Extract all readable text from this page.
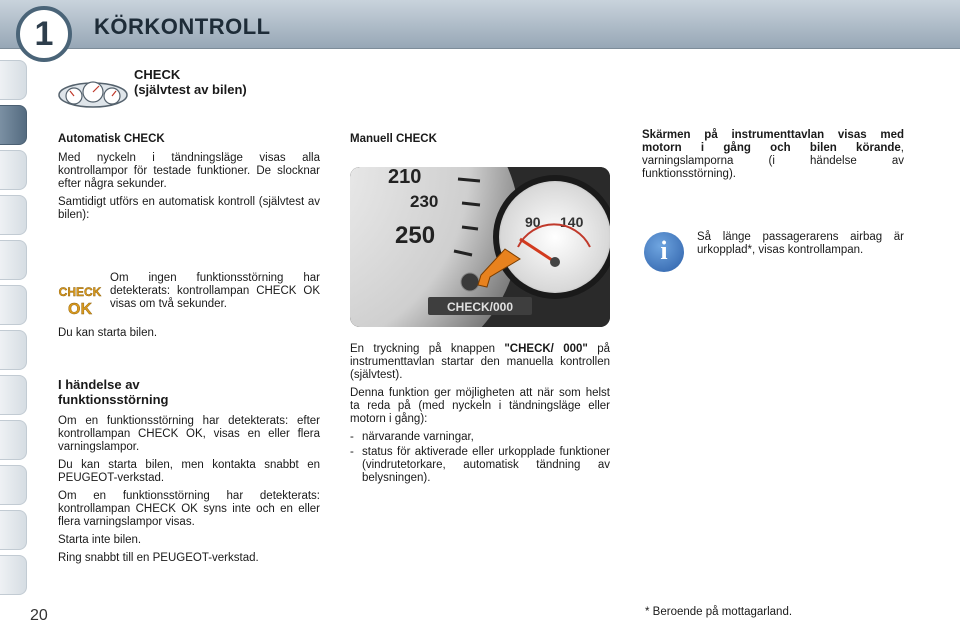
KÖRKONTROLL
1
CHECK
(självtest av bilen)
Automatisk CHECK

Med nyckeln i tändningsläge visas alla kontrollampor för testade funktioner. De slocknar efter några sekunder.

Samtidigt utförs en automatisk kontroll (självtest av bilen):

CHECK
OK
Om ingen funktionsstörning har detekterats: kontrollampan CHECK OK visas om två sekunder.
Du kan starta bilen.
I händelse av
funktionsstörning

Om en funktionsstörning har detekterats: efter kontrollampan CHECK OK, visas en eller flera varningslampor.

Du kan starta bilen, men kontakta snabbt en PEUGEOT-verkstad.

Om en funktionsstörning har detekterats: kontrollampan CHECK OK syns inte och en eller flera varningslampor visas.

Starta inte bilen.

Ring snabbt till en PEUGEOT-verkstad.

Manuell CHECK
210
230
250	90 140
CHECK/000

En tryckning på knappen "CHECK/ 000" på instrumenttavlan startar den manuella kontrollen (självtest).

Denna funktion ger möjligheten att när som helst ta reda på (med nyckeln i tändningsläge eller motorn i gång):

- närvarande varningar,
- status för aktiverade eller urkopplade funktioner (vindrutetorkare, automatisk tändning av belysningen).

Skärmen på instrumenttavlan visas med motorn i gång och bilen körande, varningslamporna (i händelse av funktionsstörning).

i	Så länge passagerarens airbag är urkopplad*, visas kontrollampan.
* Beroende på mottagarland.
20
